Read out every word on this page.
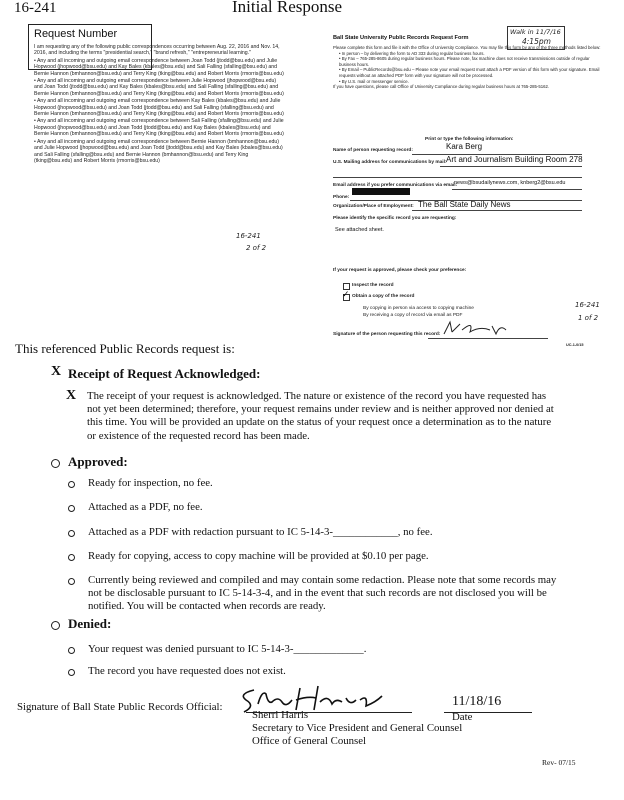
16-241	Initial Response
Request Number

I am requesting any of the following public correspondences occurring between Aug. 22, 2016 and Nov. 14, 2016, and including the terms "presidential search," "brand refresh," "entrepreneurial learning."

• Any and all incoming and outgoing email correspondence between Joan Todd (jtodd@bsu.edu) and Julie Hopwood (jhopwood@bsu.edu) and Kay Bales (kbales@bsu.edu) and Sali Falling (sfalling@bsu.edu) and Bernie Hannon (bmhannon@bsu.edu) and Terry King (tking@bsu.edu) and Robert Morris (rmorris@bsu.edu)

• Any and all incoming and outgoing email correspondence between Julie Hopwood (jhopwood@bsu.edu) and Joan Todd (jtodd@bsu.edu) and Kay Bales (kbales@bsu.edu) and Sali Falling (sfalling@bsu.edu) and Bernie Hannon (bmhannon@bsu.edu) and Terry King (tking@bsu.edu) and Robert Morris (rmorris@bsu.edu)

• Any and all incoming and outgoing email correspondence between Kay Bales (kbales@bsu.edu) and Julie Hopwood (jhopwood@bsu.edu) and Joan Todd (jtodd@bsu.edu) and Sali Falling (sfalling@bsu.edu) and Bernie Hannon (bmhannon@bsu.edu) and Terry King (tking@bsu.edu) and Robert Morris (rmorris@bsu.edu)

• Any and all incoming and outgoing email correspondence between Sali Falling (sfalling@bsu.edu) and Julie Hopwood (jhopwood@bsu.edu) and Joan Todd (jtodd@bsu.edu) and Kay Bales (kbales@bsu.edu) and Bernie Hannon (bmhannon@bsu.edu) and Terry King (tking@bsu.edu) and Robert Morris (rmorris@bsu.edu)

• Any and all incoming and outgoing email correspondence between Bernie Hannon (bmhannon@bsu.edu) and Julie Hopwood (jhopwood@bsu.edu) and Joan Todd (jtodd@bsu.edu) and Kay Bales (kbales@bsu.edu) and Sali Falling (sfalling@bsu.edu) and Bernie Hannon (bmhannon@bsu.edu) and Terry King (tking@bsu.edu) and Robert Morris (rmorris@bsu.edu)

16-241
2 of 2
Walk in 11/7/16
4:15pm
Ball State University Public Records Request Form
Please complete this form and file it with the Office of University Compliance. You may file this form by any of the three methods listed below:
• In person – by delivering the form to AD 333 during regular business hours.
• By Fax – 765-285-8605 during regular business hours. Please note, fax machine does not receive transmissions outside of regular business hours.
• By Email – PublicRecords@bsu.edu – Please note your email request must attach a PDF version of this form with your signature. Email requests without an attached PDF form with your signature will not be processed.
• By U.S. mail or messenger service.
If you have questions, please call Office of University Compliance during regular business hours at 765-285-5162.
Print or type the following information:
Name of person requesting record:	Kara Berg
U.S. Mailing address for communications by mail: Art and Journalism Building Room 278
Email address if you prefer communications via email:
news@bsudailynews.com, knberg2@bsu.edu
Phone:
Organization/Place of Employment: The Ball State Daily News
Please identify the specific record you are requesting:
See attached sheet.
If your request is approved, please check your preference:
Inspect the record
✓ Obtain a copy of the record
By copying in person via access to copying machine
By receiving a copy of record via email as PDF
16-241
1 of 2
Signature of the person requesting this record:
UC-1-0/15
This referenced Public Records request is:
X Receipt of Request Acknowledged:
X The receipt of your request is acknowledged. The nature or existence of the record you have requested has not yet been determined; therefore, your request remains under review and is neither approved nor denied at this time. You will be provided an update on the status of your request once a determination as to the nature or existence of the requested record has been made.
Approved:
Ready for inspection, no fee.
Attached as a PDF, no fee.
Attached as a PDF with redaction pursuant to IC 5-14-3-____________, no fee.
Ready for copying, access to copy machine will be provided at $0.10 per page.
Currently being reviewed and compiled and may contain some redaction. Please note that some records may not be disclosable pursuant to IC 5-14-3-4, and in the event that such records are not disclosed you will be notified. You will be contacted when records are ready.
Denied:
Your request was denied pursuant to IC 5-14-3-_____________.
The record you have requested does not exist.
Signature of Ball State Public Records Official:
Sherri Harris
Secretary to Vice President and General Counsel
Office of General Counsel
11/18/16
Date
Rev- 07/15
